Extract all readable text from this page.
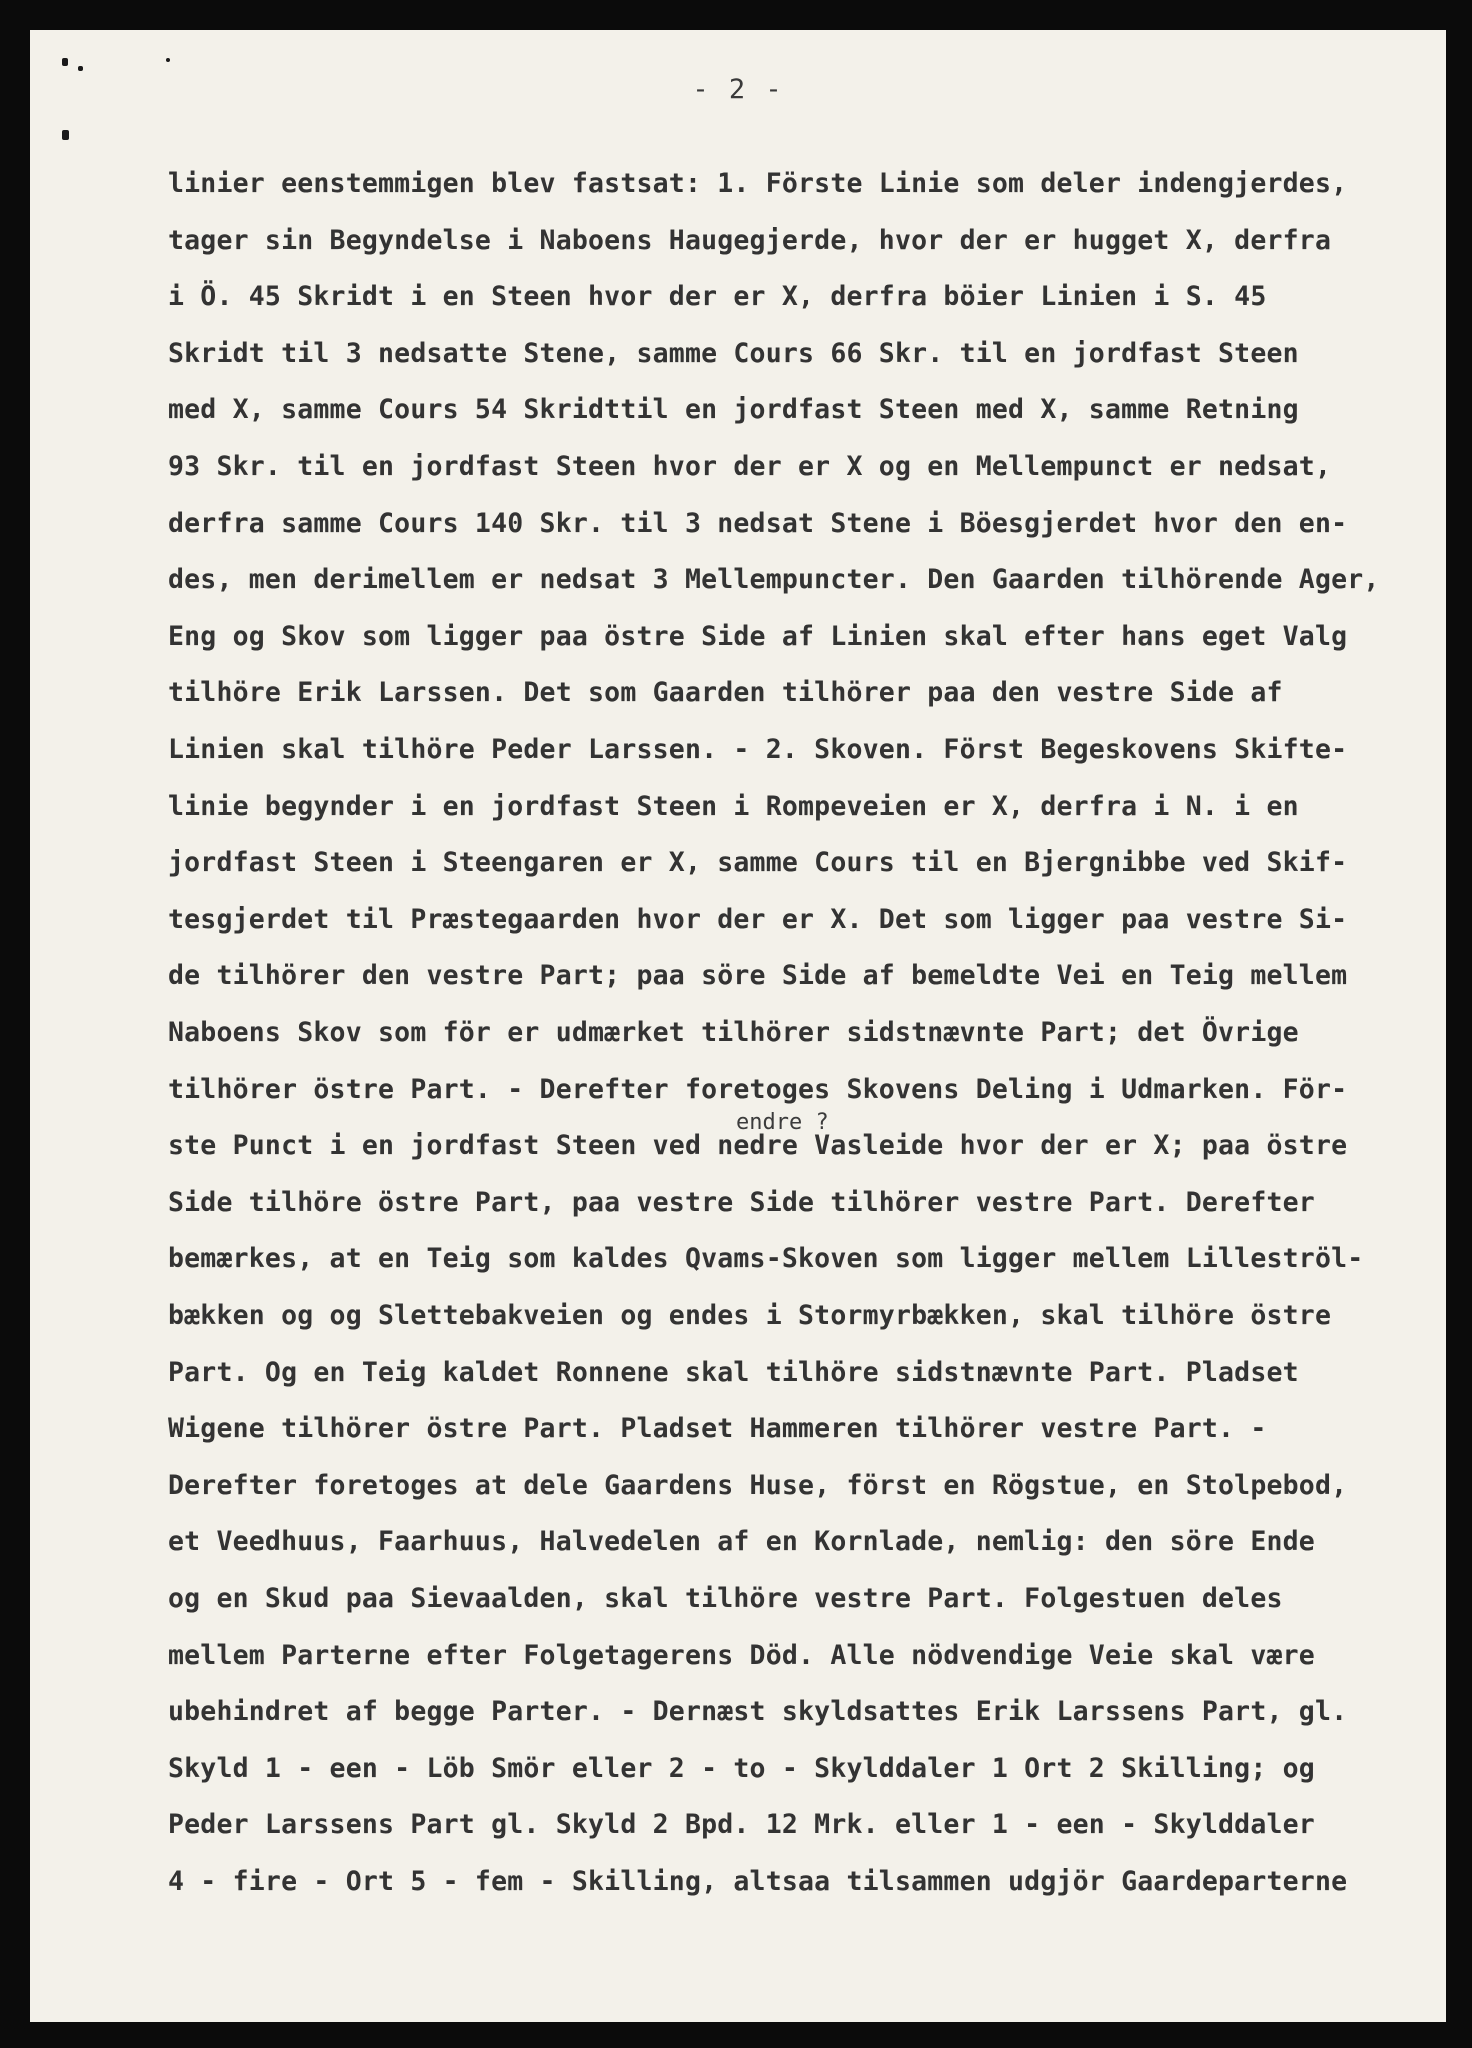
- 2 -
linier eenstemmigen blev fastsat: 1. Förste Linie som deler indengjerdes,
tager sin Begyndelse i Naboens Haugegjerde, hvor der er hugget X, derfra
i Ö. 45 Skridt i en Steen hvor der er X, derfra böier Linien i S. 45
Skridt til 3 nedsatte Stene, samme Cours 66 Skr. til en jordfast Steen
med X, samme Cours 54 Skridttil en jordfast Steen med X, samme Retning
93 Skr. til en jordfast Steen hvor der er X og en Mellempunct er nedsat,
derfra samme Cours 140 Skr. til 3 nedsat Stene i Böesgjerdet hvor den en-
des, men derimellem er nedsat 3 Mellempuncter. Den Gaarden tilhörende Ager,
Eng og Skov som ligger paa östre Side af Linien skal efter hans eget Valg
tilhöre Erik Larssen. Det som Gaarden tilhörer paa den vestre Side af
Linien skal tilhöre Peder Larssen. - 2. Skoven. Först Begeskovens Skifte-
linie begynder i en jordfast Steen i Rompeveien er X, derfra i N. i en
jordfast Steen i Steengaren er X, samme Cours til en Bjergnibbe ved Skif-
tesgjerdet til Præstegaarden hvor der er X. Det som ligger paa vestre Si-
de tilhörer den vestre Part; paa söre Side af bemeldte Vei en Teig mellem
Naboens Skov som för er udmærket tilhörer sidstnævnte Part; det Övrige
tilhörer östre Part. - Derefter foretoges Skovens Deling i Udmarken. För-
ste Punct i en jordfast Steen ved nedre Vasleide hvor der er X; paa östre
Side tilhöre östre Part, paa vestre Side tilhörer vestre Part. Derefter
bemærkes, at en Teig som kaldes Qvams-Skoven som ligger mellem Lilleströl-
bækken og og Slettebakveien og endes i Stormyrbækken, skal tilhöre östre
Part. Og en Teig kaldet Ronnene skal tilhöre sidstnævnte Part. Pladset
Wigene tilhörer östre Part. Pladset Hammeren tilhörer vestre Part. -
Derefter foretoges at dele Gaardens Huse, först en Rögstue, en Stolpebod,
et Veedhuus, Faarhuus, Halvedelen af en Kornlade, nemlig: den söre Ende
og en Skud paa Sievaalden, skal tilhöre vestre Part. Folgestuen deles
mellem Parterne efter Folgetagerens Död. Alle nödvendige Veie skal være
ubehindret af begge Parter. - Dernæst skyldsattes Erik Larssens Part, gl.
Skyld 1 - een - Löb Smör eller 2 - to - Skylddaler 1 Ort 2 Skilling; og
Peder Larssens Part gl. Skyld 2 Bpd. 12 Mrk. eller 1 - een - Skylddaler
4 - fire - Ort 5 - fem - Skilling, altsaa tilsammen udgjör Gaardeparterne
endre ?
